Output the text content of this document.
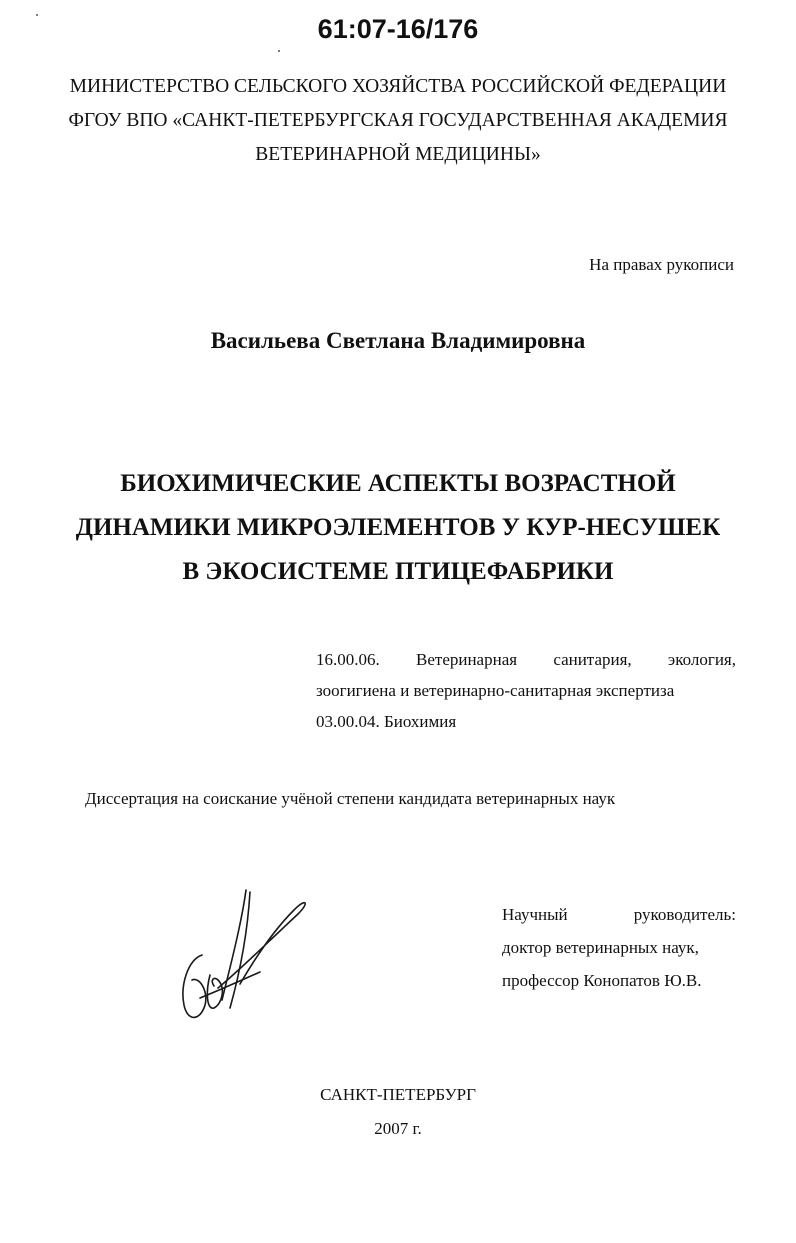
61:07-16/176
МИНИСТЕРСТВО СЕЛЬСКОГО ХОЗЯЙСТВА РОССИЙСКОЙ ФЕДЕРАЦИИ
ФГОУ ВПО «САНКТ-ПЕТЕРБУРГСКАЯ ГОСУДАРСТВЕННАЯ АКАДЕМИЯ
ВЕТЕРИНАРНОЙ МЕДИЦИНЫ»
На правах рукописи
Васильева Светлана Владимировна
БИОХИМИЧЕСКИЕ АСПЕКТЫ ВОЗРАСТНОЙ
ДИНАМИКИ МИКРОЭЛЕМЕНТОВ У КУР-НЕСУШЕК
В ЭКОСИСТЕМЕ ПТИЦЕФАБРИКИ
16.00.06. Ветеринарная санитария, экология,
зоогигиена и ветеринарно-санитарная экспертиза
03.00.04. Биохимия
Диссертация на соискание учёной степени кандидата ветеринарных наук
Научный	руководитель:
доктор ветеринарных наук,
профессор Конопатов Ю.В.
САНКТ-ПЕТЕРБУРГ
2007 г.
